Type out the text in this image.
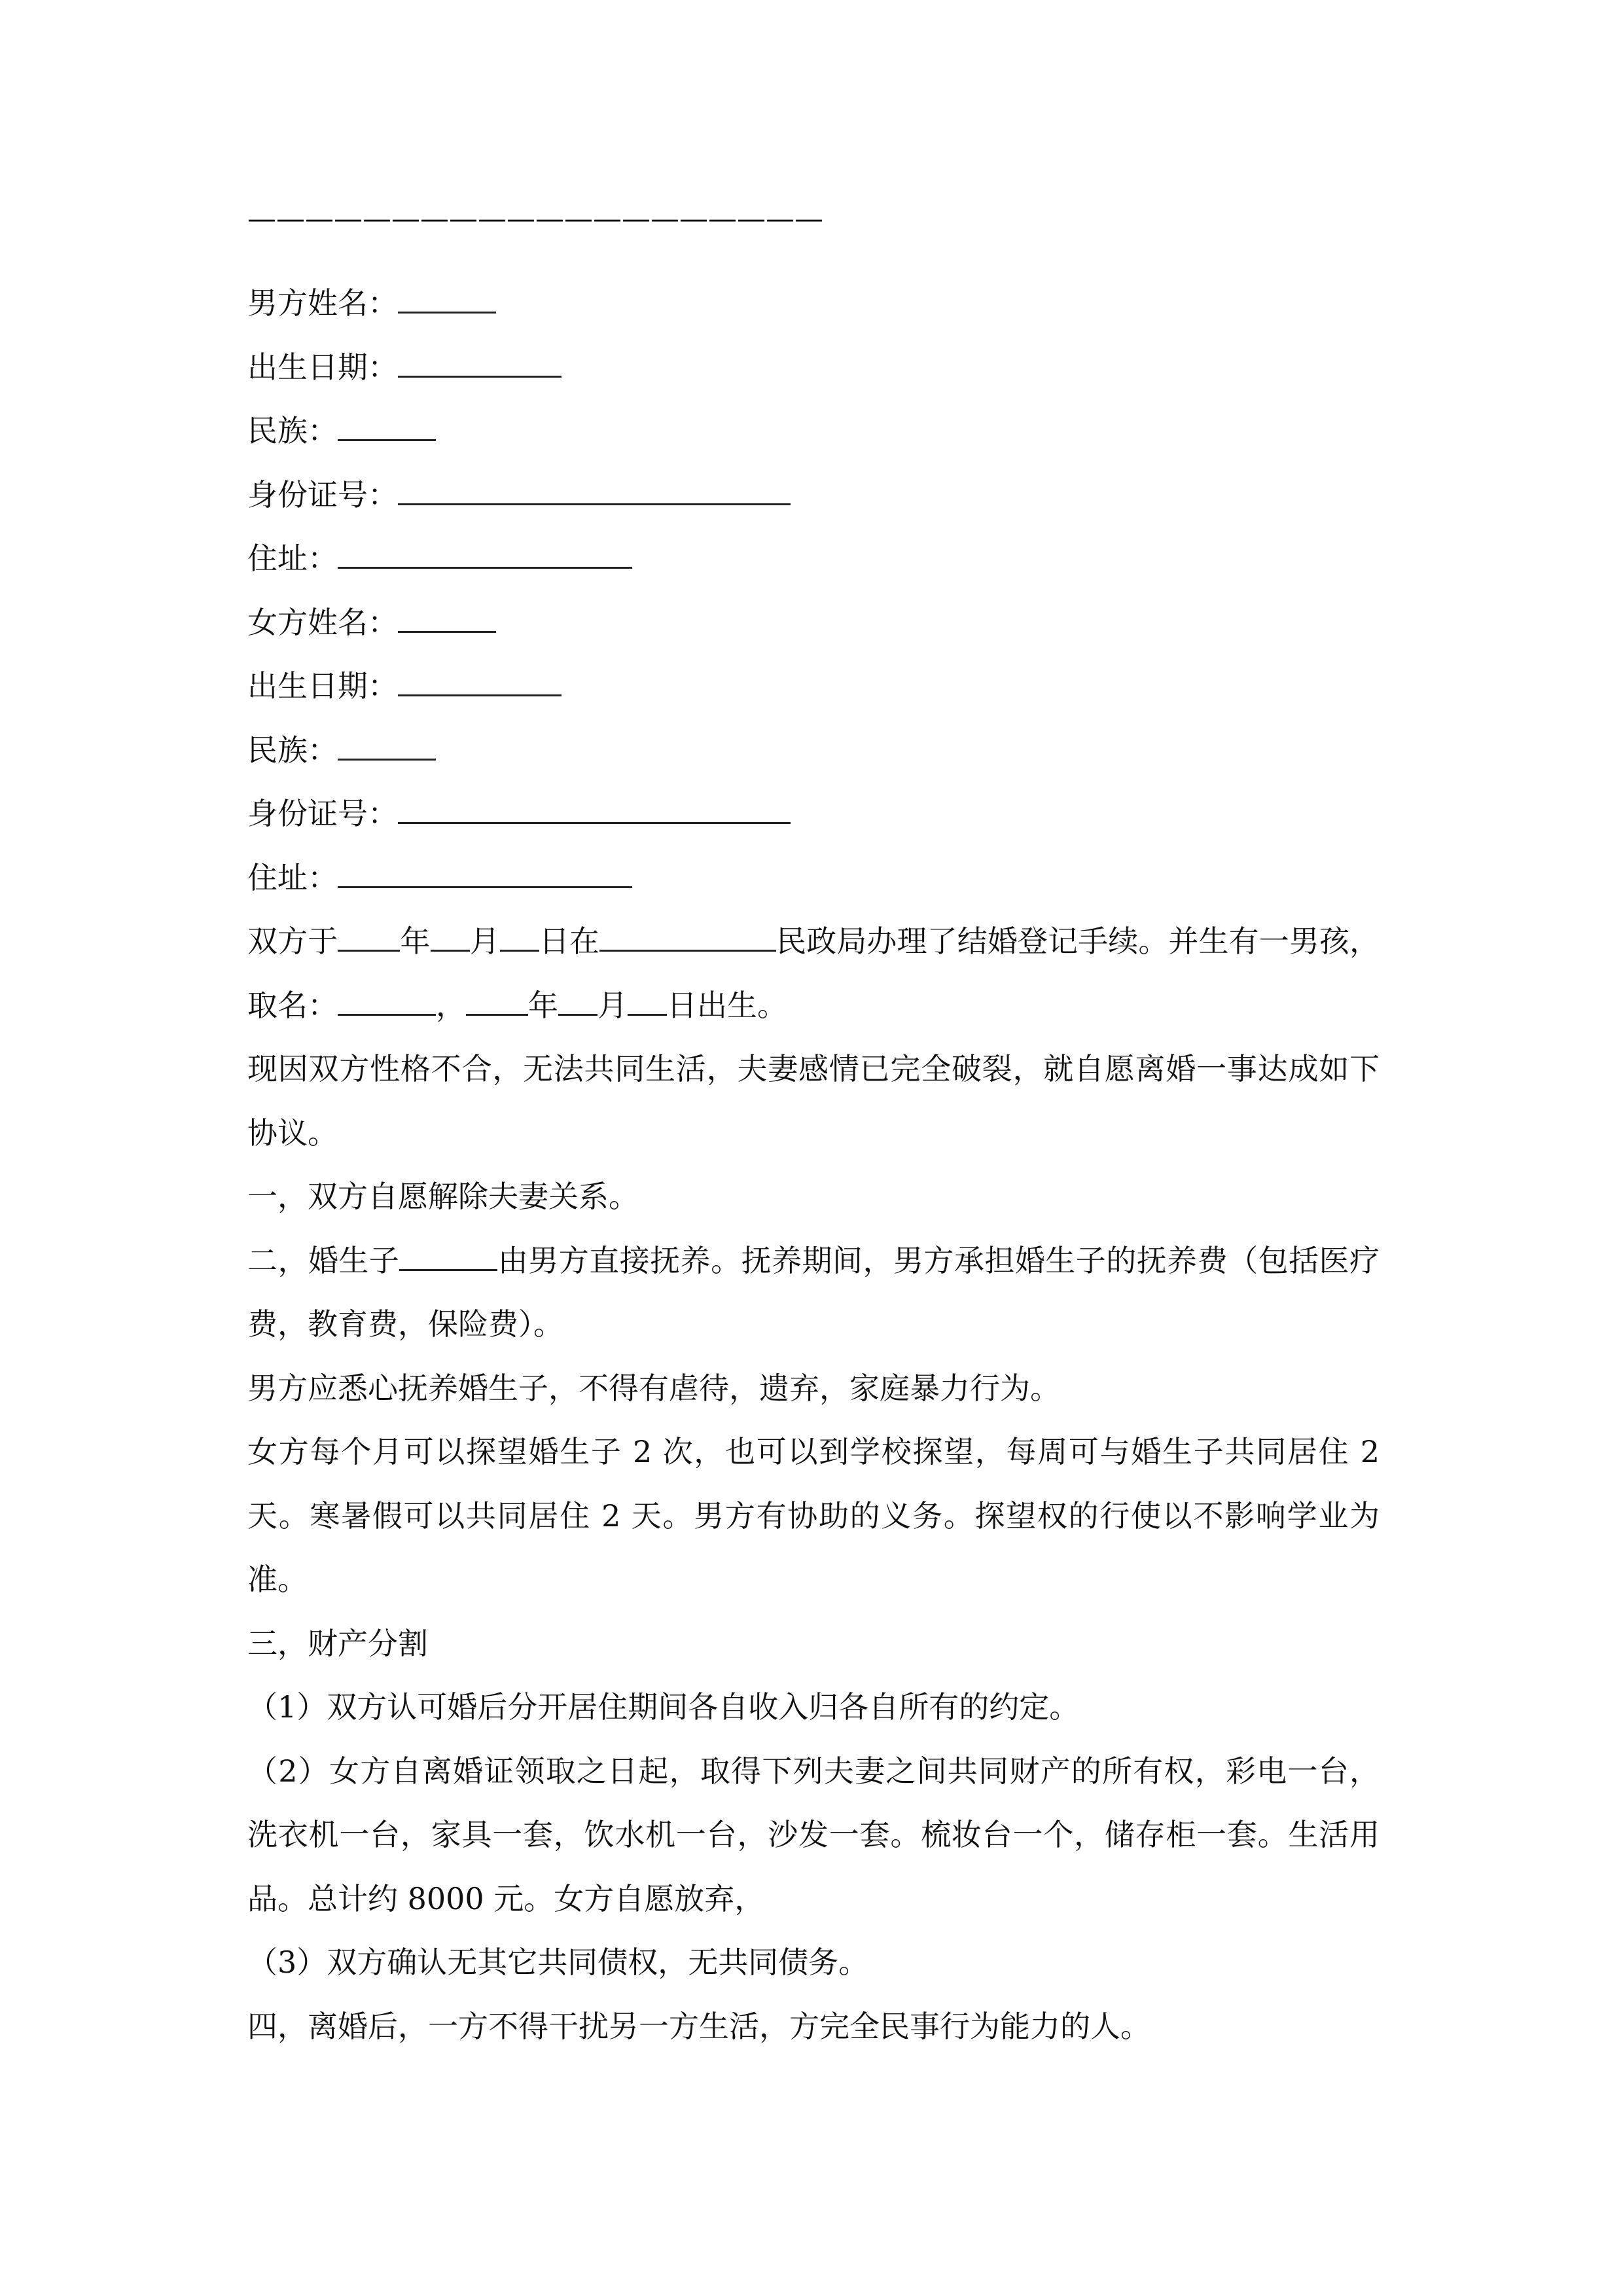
————————————————————
男方姓名：
出生日期：
民族：
身份证号：
住址：
女方姓名：
出生日期：
民族：
身份证号：
住址：
双方于 年 月 日在	民政局办理了结婚登记手续。并生有一男孩，取名：	， 年 月 日出生。
现因双方性格不合，无法共同生活，夫妻感情已完全破裂，就自愿离婚一事达成如下协议。
一，双方自愿解除夫妻关系。
二，婚生子	由男方直接抚养。抚养期间，男方承担婚生子的抚养费（包括医疗费，教育费，保险费）。
男方应悉心抚养婚生子，不得有虐待，遗弃，家庭暴力行为。
女方每个月可以探望婚生子 2 次，也可以到学校探望，每周可与婚生子共同居住 2 天。寒暑假可以共同居住 2 天。男方有协助的义务。探望权的行使以不影响学业为准。
三，财产分割
（1）双方认可婚后分开居住期间各自收入归各自所有的约定。
（2）女方自离婚证领取之日起，取得下列夫妻之间共同财产的所有权，彩电一台，洗衣机一台，家具一套，饮水机一台，沙发一套。梳妆台一个，储存柜一套。生活用品。总计约 8000 元。女方自愿放弃，
（3）双方确认无其它共同债权，无共同债务。
四，离婚后，一方不得干扰另一方生活，方完全民事行为能力的人。
